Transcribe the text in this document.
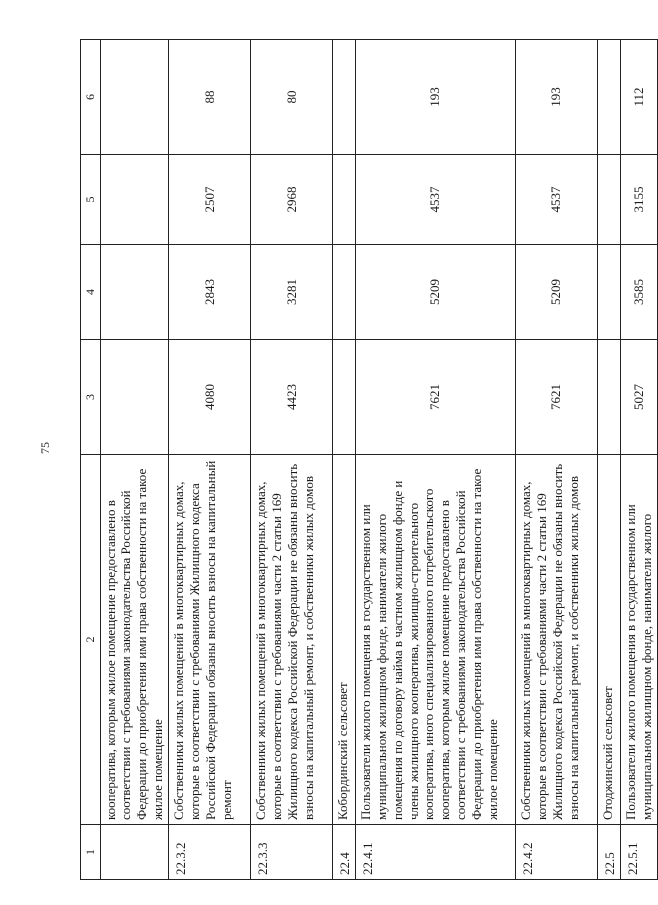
75
1	2	3	4	5	6
	кооператива, которым жилое помещение предоставлено в соответствии с требованиями законодательства Российской Федерации до приобретения ими права собственности на такое жилое помещение				
22.3.2	Собственники жилых помещений в многоквартирных домах, которые в соответствии с требованиями Жилищного кодекса Российской Федерации обязаны вносить взносы на капитальный ремонт	4080	2843	2507	88
22.3.3	Собственники жилых помещений в многоквартирных домах, которые в соответствии с требованиями части 2 статьи 169 Жилищного кодекса Российской Федерации не обязаны вносить взносы на капитальный ремонт, и собственники жилых домов	4423	3281	2968	80
22.4	Кобординский сельсовет				
22.4.1	Пользователи жилого помещения в государственном или муниципальном жилищном фонде, наниматели жилого помещения по договору найма в частном жилищном фонде и члены жилищного кооператива, жилищно-строительного кооператива, иного специализированного потребительского кооператива, которым жилое помещение предоставлено в соответствии с требованиями законодательства Российской Федерации до приобретения ими права собственности на такое жилое помещение	7621	5209	4537	193
22.4.2	Собственники жилых помещений в многоквартирных домах, которые в соответствии с требованиями части 2 статьи 169 Жилищного кодекса Российской Федерации не обязаны вносить взносы на капитальный ремонт, и собственники жилых домов	7621	5209	4537	193
22.5	Отоджинский сельсовет				
22.5.1	Пользователи жилого помещения в государственном или муниципальном жилищном фонде, наниматели жилого	5027	3585	3155	112
